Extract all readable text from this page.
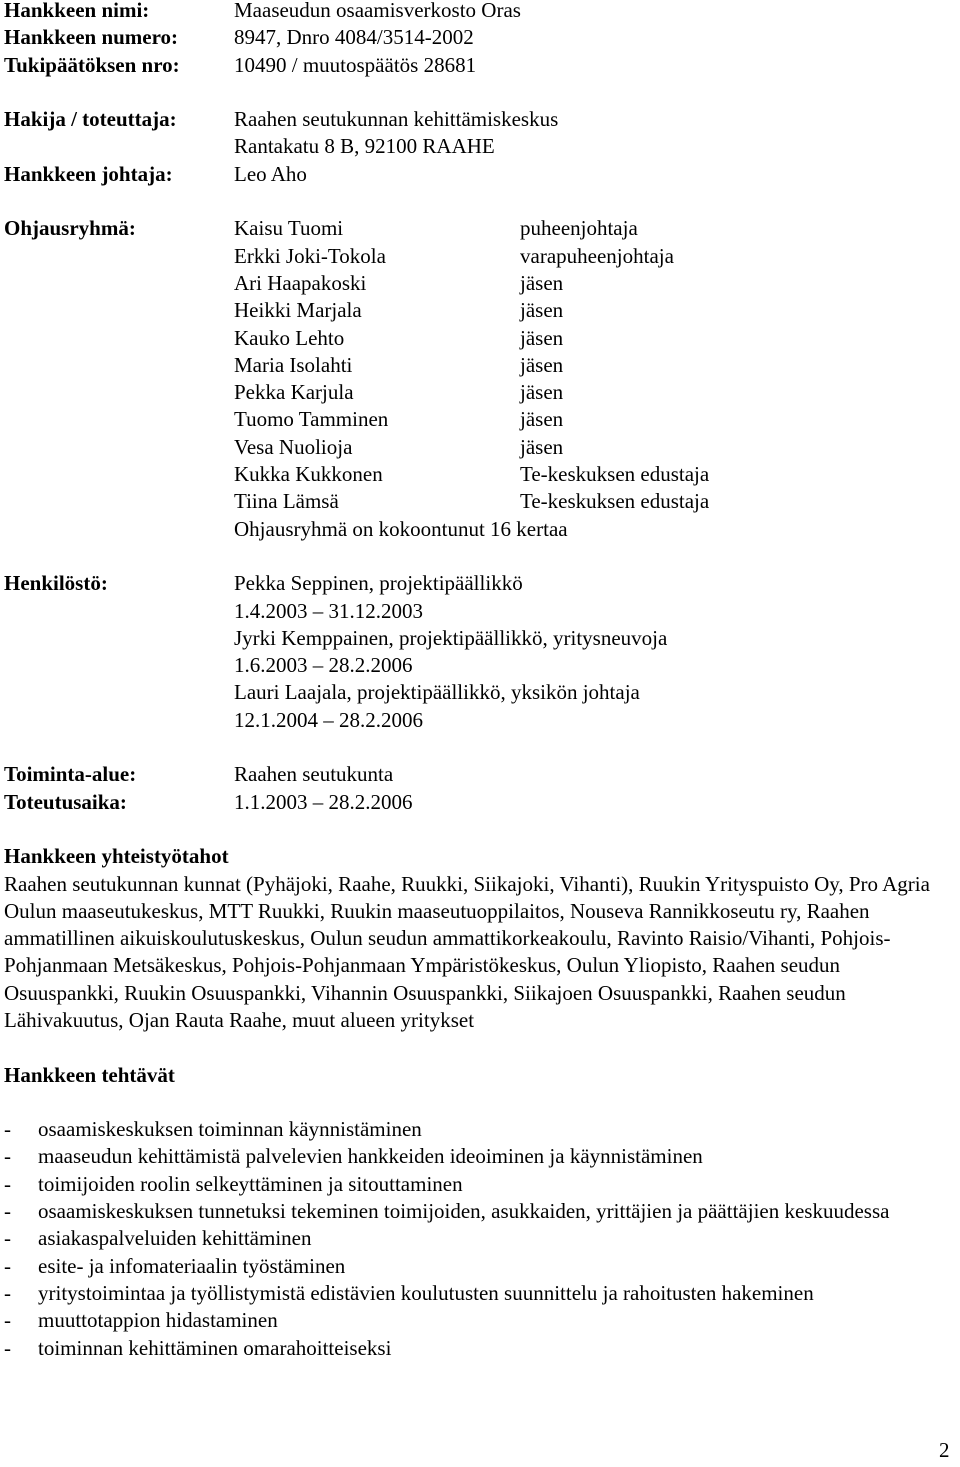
Hankkeen nimi:	Maaseudun osaamisverkosto Oras
Hankkeen numero:	8947, Dnro 4084/3514-2002
Tukipäätöksen nro:	10490 / muutospäätös 28681
Hakija / toteuttaja:	Raahen seutukunnan kehittämiskeskus
Rantakatu 8 B, 92100 RAAHE
Hankkeen johtaja:	Leo Aho
Ohjausryhmä:	Kaisu Tuomi	puheenjohtaja
Erkki Joki-Tokola	varapuheenjohtaja
Ari Haapakoski	jäsen
Heikki Marjala	jäsen
Kauko Lehto	jäsen
Maria Isolahti	jäsen
Pekka Karjula	jäsen
Tuomo Tamminen	jäsen
Vesa Nuolioja	jäsen
Kukka Kukkonen	Te-keskuksen edustaja
Tiina Lämsä	Te-keskuksen edustaja
Ohjausryhmä on kokoontunut 16 kertaa
Henkilöstö:	Pekka Seppinen, projektipäällikkö
1.4.2003 – 31.12.2003
Jyrki Kemppainen, projektipäällikkö, yritysneuvoja
1.6.2003 – 28.2.2006
Lauri Laajala, projektipäällikkö, yksikön johtaja
12.1.2004 – 28.2.2006
Toiminta-alue:	Raahen seutukunta
Toteutusaika:	1.1.2003 – 28.2.2006
Hankkeen yhteistyötahot
Raahen seutukunnan kunnat (Pyhäjoki, Raahe, Ruukki, Siikajoki, Vihanti), Ruukin Yrityspuisto Oy, Pro Agria Oulun maaseutukeskus, MTT Ruukki, Ruukin maaseutuoppilaitos, Nouseva Rannikkoseutu ry, Raahen ammatillinen aikuiskoulutuskeskus, Oulun seudun ammattikorkeakoulu, Ravinto Raisio/Vihanti, Pohjois-Pohjanmaan Metsäkeskus, Pohjois-Pohjanmaan Ympäristökeskus, Oulun Yliopisto, Raahen seudun Osuuspankki, Ruukin Osuuspankki, Vihannin Osuuspankki, Siikajoen Osuuspankki, Raahen seudun Lähivakuutus, Ojan Rauta Raahe, muut alueen yritykset
Hankkeen tehtävät
-	osaamiskeskuksen toiminnan käynnistäminen
-	maaseudun kehittämistä palvelevien hankkeiden ideoiminen ja käynnistäminen
-	toimijoiden roolin selkeyttäminen ja sitouttaminen
-	osaamiskeskuksen tunnetuksi tekeminen toimijoiden, asukkaiden, yrittäjien ja päättäjien keskuudessa
-	asiakaspalveluiden kehittäminen
-	esite- ja infomateriaalin työstäminen
-	yritystoimintaa ja työllistymistä edistävien koulutusten suunnittelu ja rahoitusten hakeminen
-	muuttotappion hidastaminen
-	toiminnan kehittäminen omarahoitteiseksi
2
